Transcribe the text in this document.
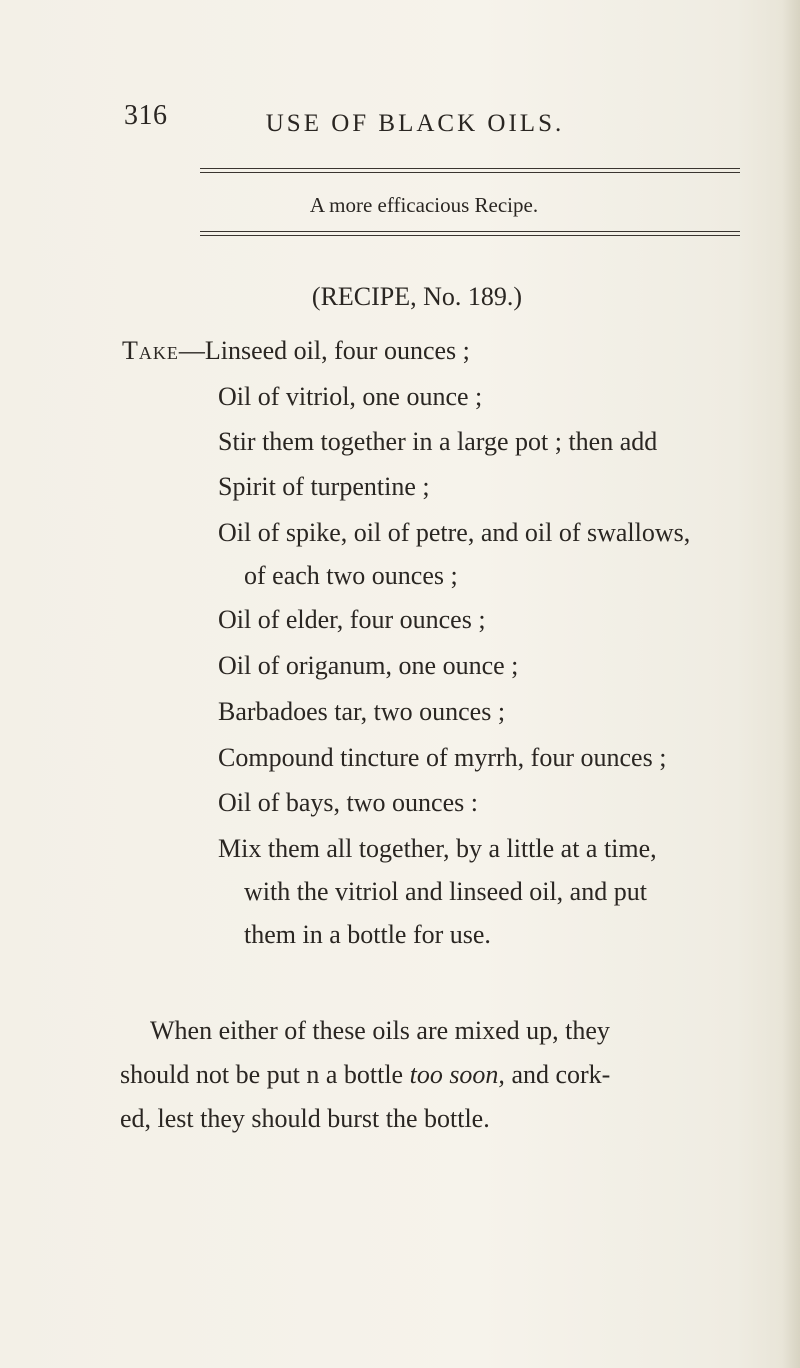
316	USE OF BLACK OILS.
A more efficacious Recipe.
(RECIPE, No. 189.)
Take—Linseed oil, four ounces ;
Oil of vitriol, one ounce ;
Stir them together in a large pot ; then add
Spirit of turpentine ;
Oil of spike, oil of petre, and oil of swallows,
of each two ounces ;
Oil of elder, four ounces ;
Oil of origanum, one ounce ;
Barbadoes tar, two ounces ;
Compound tincture of myrrh, four ounces ;
Oil of bays, two ounces :
Mix them all together, by a little at a time,
with the vitriol and linseed oil, and put
them in a bottle for use.
When either of these oils are mixed up, they
should not be put n a bottle too soon, and cork-
ed, lest they should burst the bottle.
